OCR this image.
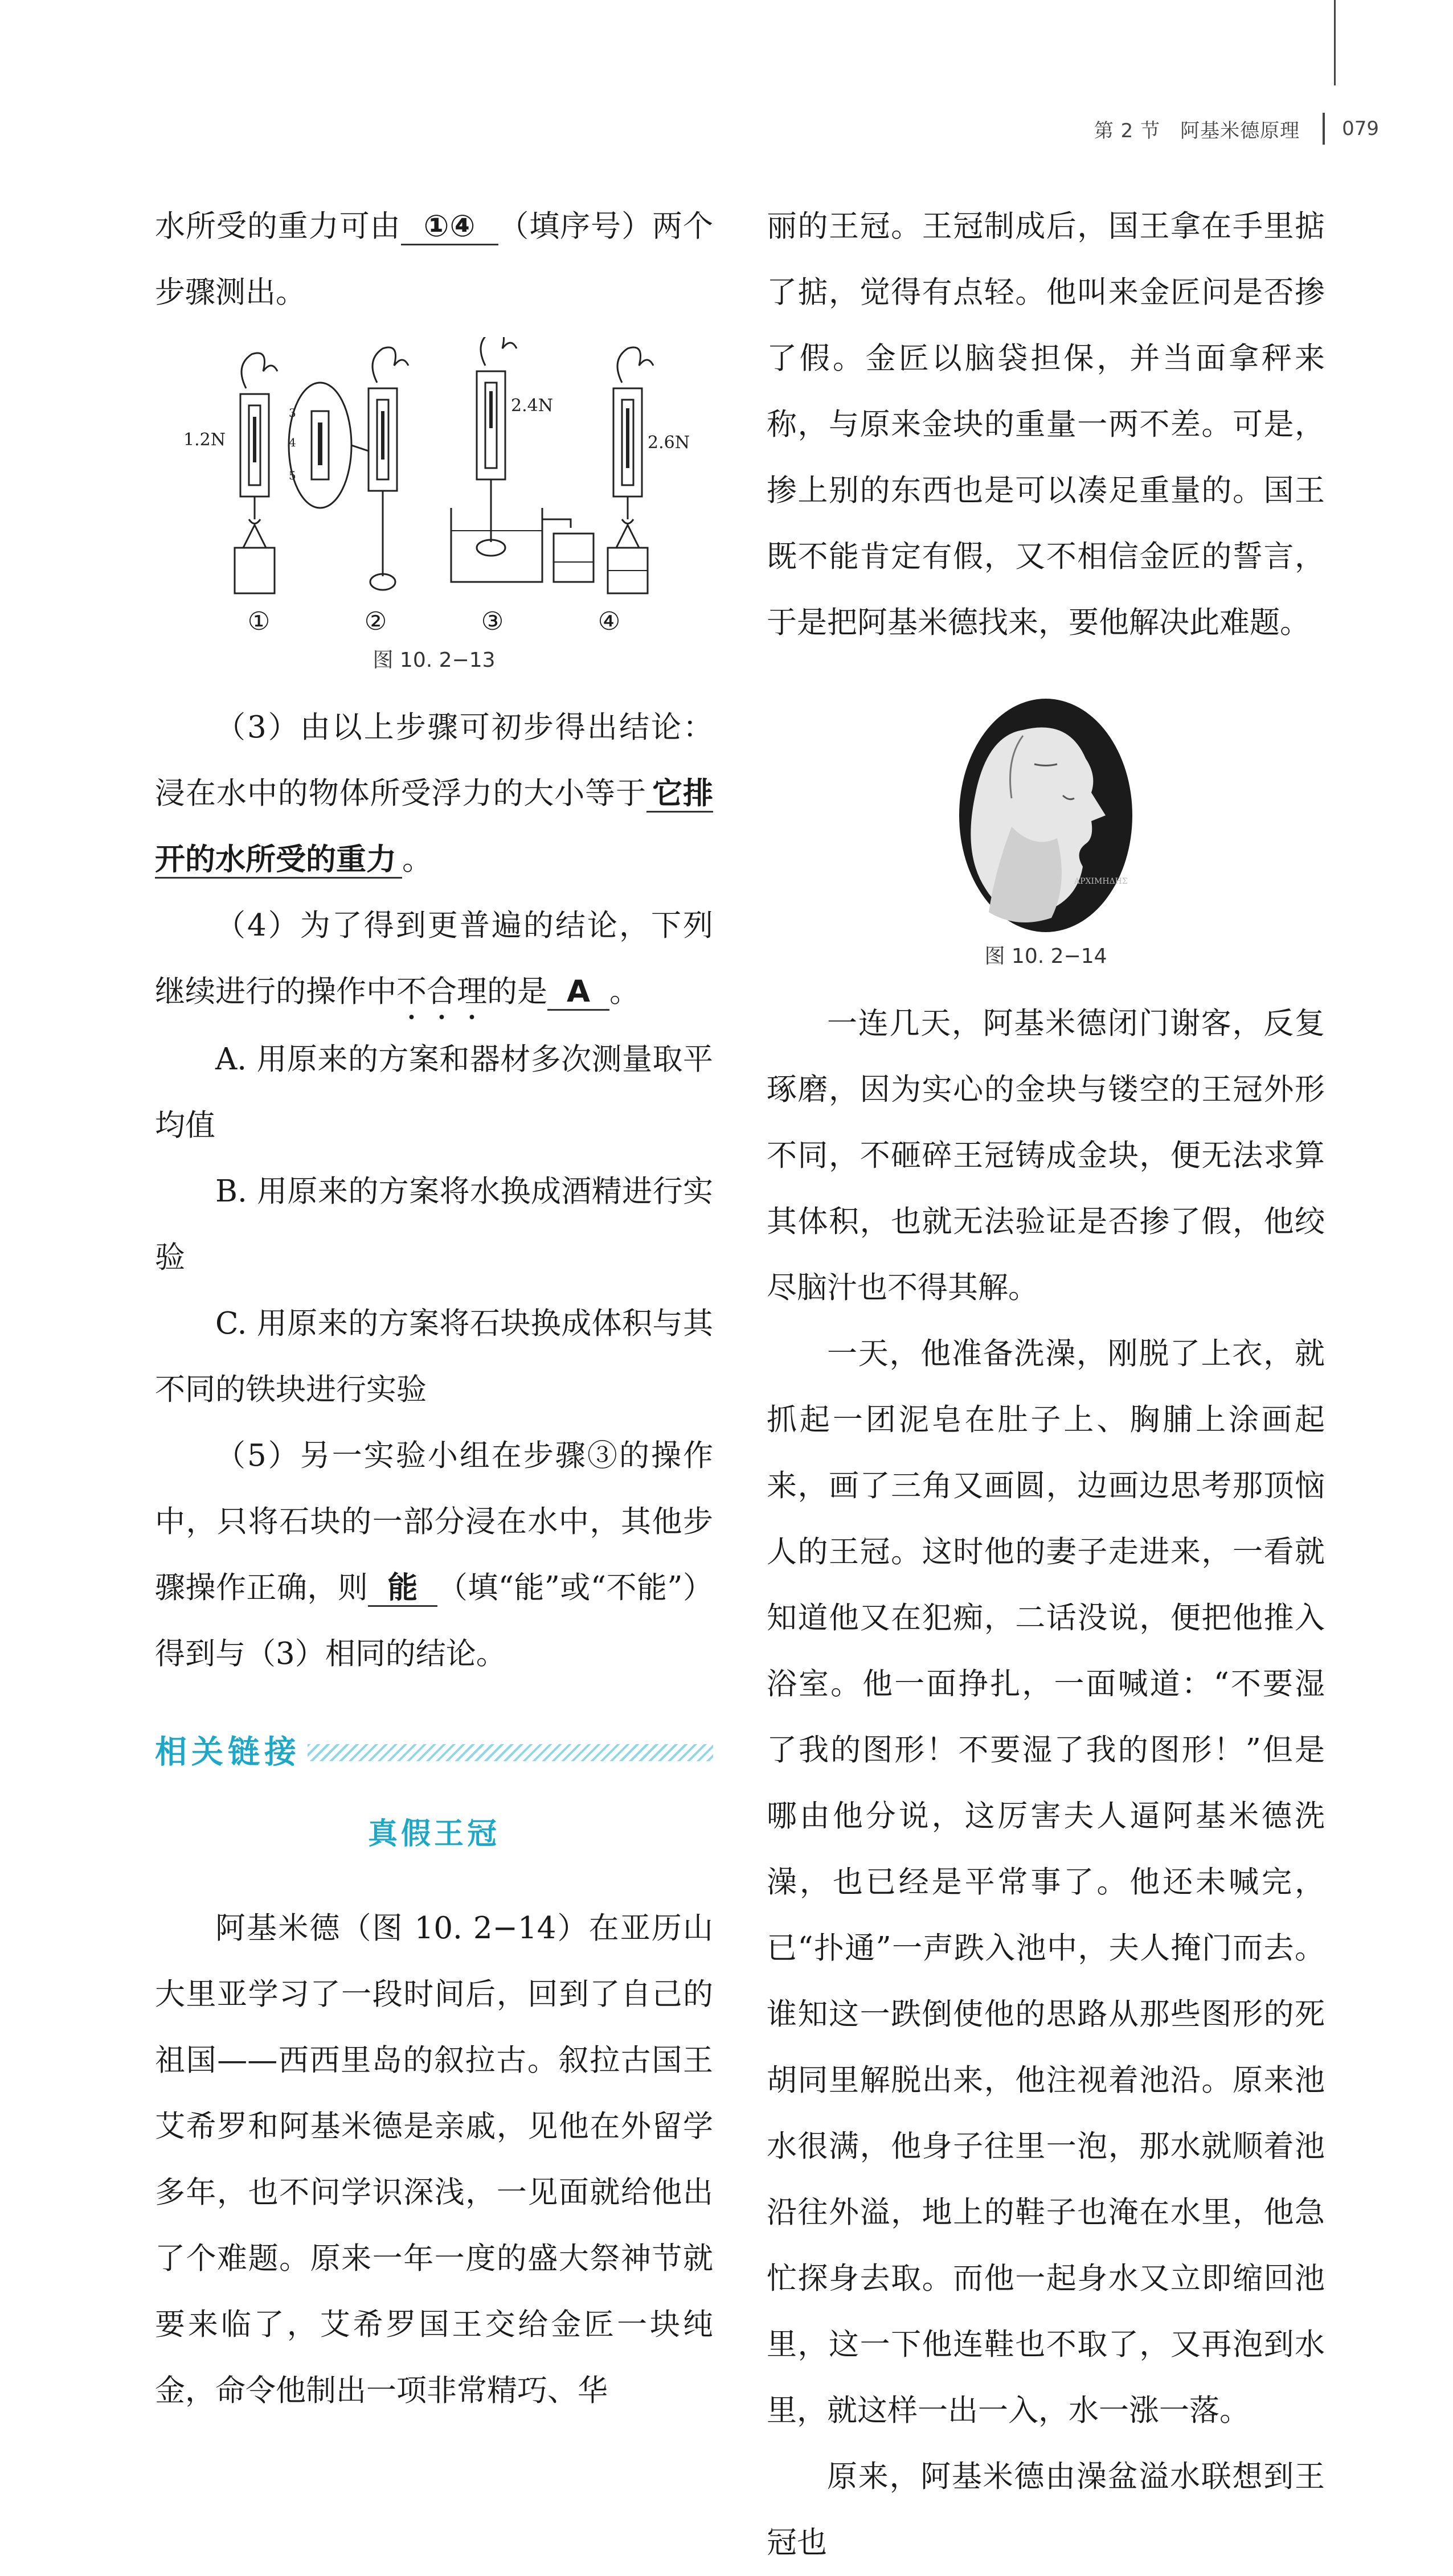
第 2 节　阿基米德原理 079

水所受的重力可由 ①④ （填序号）两个步骤测出。

1.2N
3
4
5
2.4N
2.6N
①	②	③	④
图 10. 2−13

（3）由以上步骤可初步得出结论：浸在水中的物体所受浮力的大小等于 它排开的水所受的重力 。

（4）为了得到更普遍的结论，下列继续进行的操作中不合理的是 A 。

A. 用原来的方案和器材多次测量取平均值

B. 用原来的方案将水换成酒精进行实验

C. 用原来的方案将石块换成体积与其不同的铁块进行实验

（5）另一实验小组在步骤③的操作中，只将石块的一部分浸在水中，其他步骤操作正确，则 能 （填“能”或“不能”）得到与（3）相同的结论。

相关链接
真假王冠

阿基米德（图 10. 2−14）在亚历山大里亚学习了一段时间后，回到了自己的祖国——西西里岛的叙拉古。叙拉古国王艾希罗和阿基米德是亲戚，见他在外留学多年，也不问学识深浅，一见面就给他出了个难题。原来一年一度的盛大祭神节就要来临了，艾希罗国王交给金匠一块纯金，命令他制出一项非常精巧、华

丽的王冠。王冠制成后，国王拿在手里掂了掂，觉得有点轻。他叫来金匠问是否掺了假。金匠以脑袋担保，并当面拿秤来称，与原来金块的重量一两不差。可是，掺上别的东西也是可以凑足重量的。国王既不能肯定有假，又不相信金匠的誓言，于是把阿基米德找来，要他解决此难题。

ΑΡΧΙΜΗΔΗΣ
图 10. 2−14

一连几天，阿基米德闭门谢客，反复琢磨，因为实心的金块与镂空的王冠外形不同，不砸碎王冠铸成金块，便无法求算其体积，也就无法验证是否掺了假，他绞尽脑汁也不得其解。

一天，他准备洗澡，刚脱了上衣，就抓起一团泥皂在肚子上、胸脯上涂画起来，画了三角又画圆，边画边思考那顶恼人的王冠。这时他的妻子走进来，一看就知道他又在犯痴，二话没说，便把他推入浴室。他一面挣扎，一面喊道：“不要湿了我的图形！不要湿了我的图形！”但是哪由他分说，这厉害夫人逼阿基米德洗澡，也已经是平常事了。他还未喊完，已“扑通”一声跌入池中，夫人掩门而去。谁知这一跌倒使他的思路从那些图形的死胡同里解脱出来，他注视着池沿。原来池水很满，他身子往里一泡，那水就顺着池沿往外溢，地上的鞋子也淹在水里，他急忙探身去取。而他一起身水又立即缩回池里，这一下他连鞋也不取了，又再泡到水里，就这样一出一入，水一涨一落。

原来，阿基米德由澡盆溢水联想到王冠也
